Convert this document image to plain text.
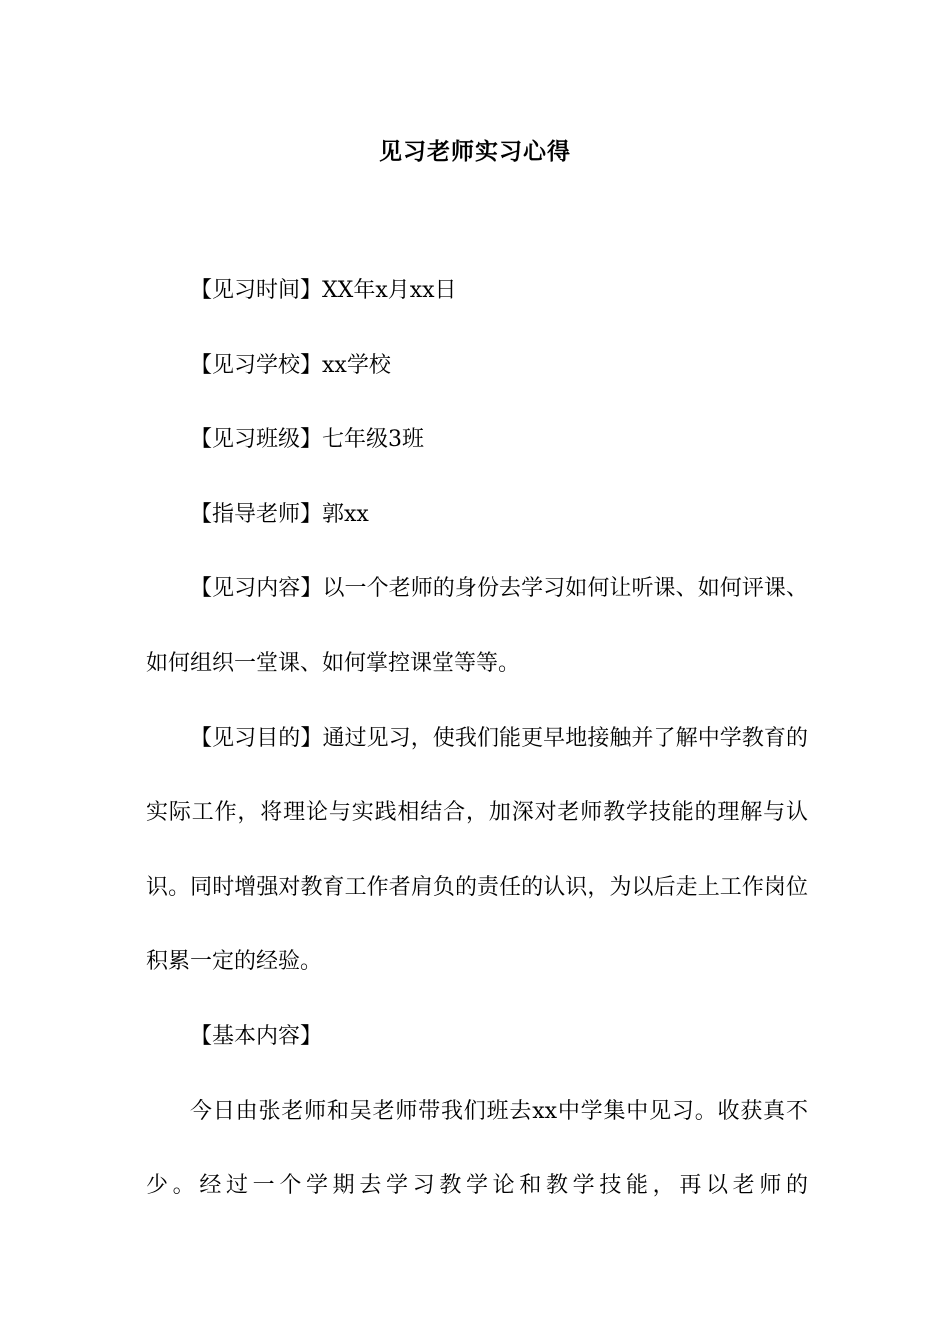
见习老师实习心得

【见习时间】XX年x月xx日

【见习学校】xx学校

【见习班级】七年级3班

【指导老师】郭xx

【见习内容】以一个老师的身份去学习如何让听课、如何评课、如何组织一堂课、如何掌控课堂等等。

【见习目的】通过见习，使我们能更早地接触并了解中学教育的实际工作，将理论与实践相结合，加深对老师教学技能的理解与认识。同时增强对教育工作者肩负的责任的认识，为以后走上工作岗位积累一定的经验。

【基本内容】

今日由张老师和吴老师带我们班去xx中学集中见习。收获真不少。经过一个学期去学习教学论和教学技能，再以老师的
